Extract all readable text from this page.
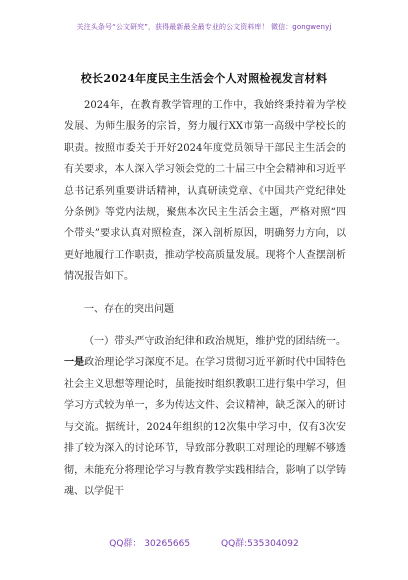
关注头条号“公文研究”，获得最新最全最专业的公文资料库！ 微信：gongwenyj
校长2024年度民主生活会个人对照检视发言材料

2024年，在教育教学管理的工作中，我始终秉持着为学校发展、为师生服务的宗旨，努力履行XX市第一高级中学校长的职责。按照市委关于开好2024年度党员领导干部民主生活会的有关要求，本人深入学习领会党的二十届三中全会精神和习近平总书记系列重要讲话精神，认真研读党章、《中国共产党纪律处分条例》等党内法规，聚焦本次民主生活会主题，严格对照“四个带头”要求认真对照检查，深入剖析原因，明确努力方向，以更好地履行工作职责，推动学校高质量发展。现将个人查摆剖析情况报告如下。

一、存在的突出问题

（一）带头严守政治纪律和政治规矩，维护党的团结统一。一是政治理论学习深度不足。在学习贯彻习近平新时代中国特色社会主义思想等理论时，虽能按时组织教职工进行集中学习，但学习方式较为单一，多为传达文件、会议精神，缺乏深入的研讨与交流。据统计，2024年组织的12次集中学习中，仅有3次安排了较为深入的讨论环节，导致部分教职工对理论的理解不够透彻，未能充分将理论学习与教育教学实践相结合，影响了以学铸魂、以学促干

QQ群： 30265665	QQ群:535304092
